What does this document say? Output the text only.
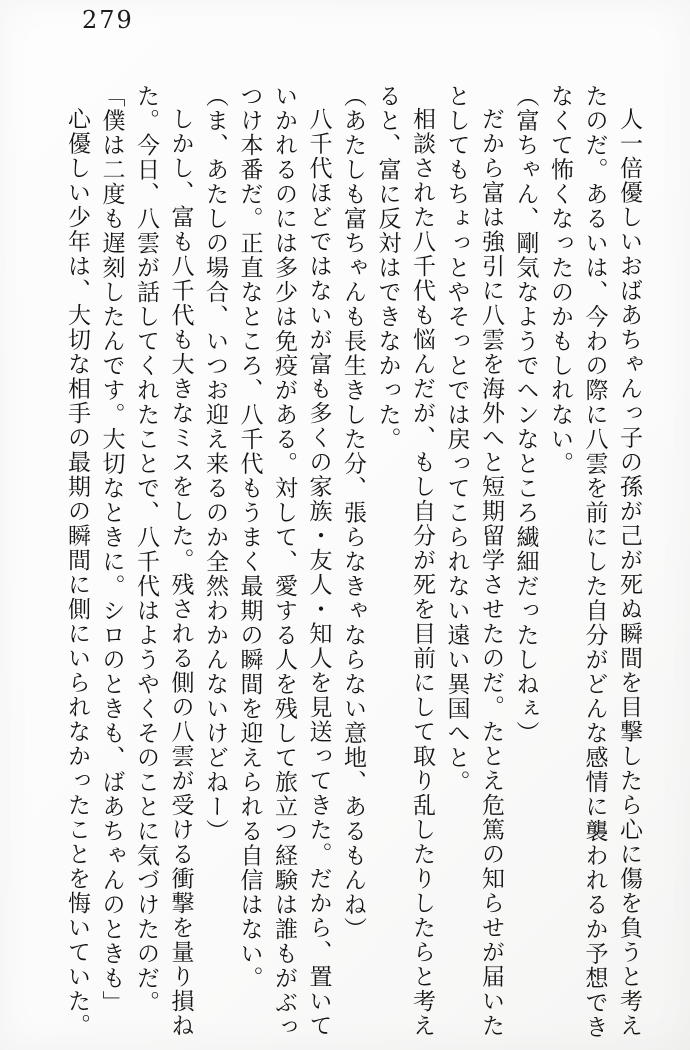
279

人一倍優しいおばあちゃんっ子の孫が己が死ぬ瞬間を目撃したら心に傷を負うと考えたのだ。あるいは、今わの際に八雲を前にした自分がどんな感情に襲われるか予想できなくて怖くなったのかもしれない。

（富ちゃん、剛気なようでヘンなところ繊細だったしねぇ）

だから富は強引に八雲を海外へと短期留学させたのだ。たとえ危篤の知らせが届いたとしてもちょっとやそっとでは戻ってこられない遠い異国へと。

相談された八千代も悩んだが、もし自分が死を目前にして取り乱したりしたらと考えると、富に反対はできなかった。

（あたしも富ちゃんも長生きした分、張らなきゃならない意地、あるもんね）

八千代ほどではないが富も多くの家族・友人・知人を見送ってきた。だから、置いていかれるのには多少は免疫がある。対して、愛する人を残して旅立つ経験は誰もがぶっつけ本番だ。正直なところ、八千代もうまく最期の瞬間を迎えられる自信はない。

（ま、あたしの場合、いつお迎え来るのか全然わかんないけどねー）

しかし、富も八千代も大きなミスをした。残される側の八雲が受ける衝撃を量り損ねた。今日、八雲が話してくれたことで、八千代はようやくそのことに気づけたのだ。

「僕は二度も遅刻したんです。大切なときに。シロのときも、ばあちゃんのときも」

心優しい少年は、大切な相手の最期の瞬間に側にいられなかったことを悔いていた。
